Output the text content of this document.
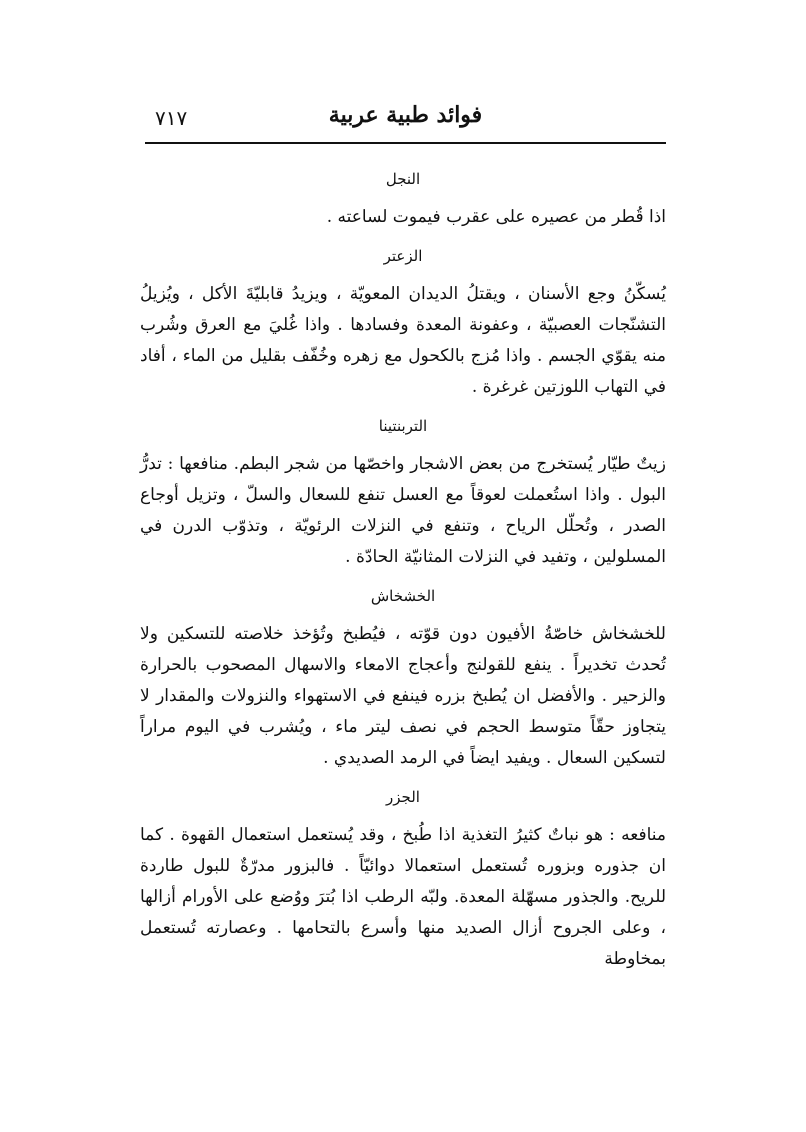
فوائد طبية عربية
٧١٧
النجل

اذا قُطر من عصيره على عقرب فيموت لساعته .

الزعتر

يُسكّنُ وجع الأسنان ، ويقتلُ الديدان المعويّة ، ويزيدُ قابليّةَ الأكل ، ويُزيلُ التشنّجات العصبيّة ، وعفونة المعدة وفسادها . واذا غُليَ مع العرق وشُرب منه يقوّي الجسم . واذا مُزج بالكحول مع زهره وخُفّف بقليل من الماء ، أفاد في التهاب اللوزتين غرغرة .

التربنتينا

زيتٌ طيّار يُستخرج من بعض الاشجار واخصّها من شجر البطم. منافعها : تدرُّ البول . واذا استُعملت لعوقاً مع العسل تنفع للسعال والسلّ ، وتزيل أوجاع الصدر ، وتُحلّل الرياح ، وتنفع في النزلات الرئويّة ، وتذوّب الدرن في المسلولين ، وتفيد في النزلات المثانيّة الحادّة .

الخشخاش

للخشخاش خاصّةُ الأفيون دون قوّته ، فيُطبخ وتُؤخذ خلاصته للتسكين ولا تُحدث تخديراً . ينفع للقولنج وأعجاج الامعاء والاسهال المصحوب بالحرارة والزحير . والأفضل ان يُطبخ بزره فينفع في الاستهواء والنزولات والمقدار لا يتجاوز حقّاً متوسط الحجم في نصف ليتر ماء ، ويُشرب في اليوم مراراً لتسكين السعال . ويفيد ايضاً في الرمد الصديدي .

الجزر

منافعه : هو نباتٌ كثيرُ التغذية اذا طُبخ ، وقد يُستعمل استعمال القهوة . كما ان جذوره وبزوره تُستعمل استعمالا دوائيّاً . فالبزور مدرّةٌ للبول طاردة للريح. والجذور مسهّلة المعدة. ولبّه الرطب اذا بُترَ ووُضع على الأورام أزالها ، وعلى الجروح أزال الصديد منها وأسرع بالتحامها . وعصارته تُستعمل بمخاوطة
